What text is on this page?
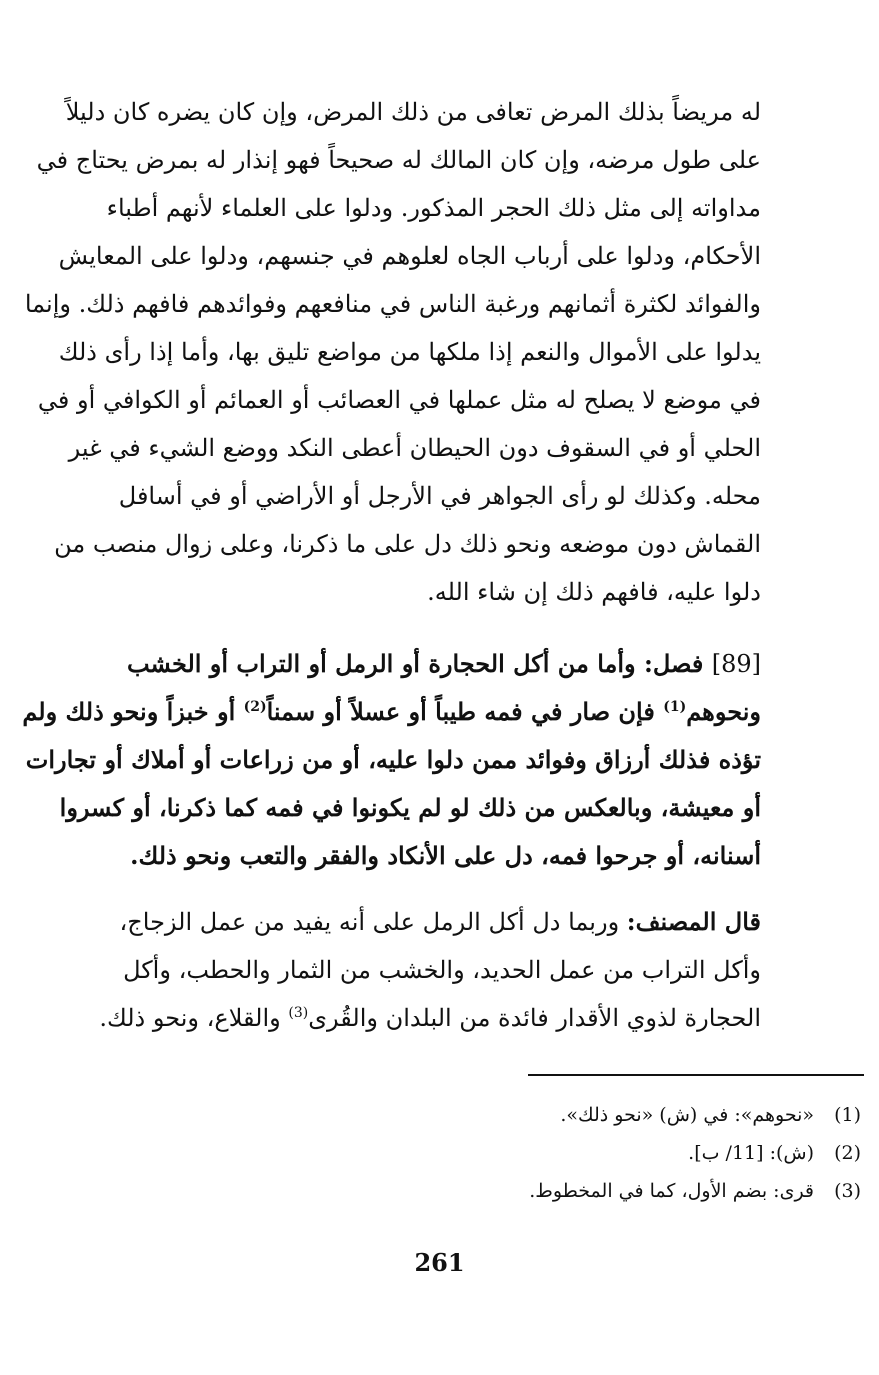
له مريضاً بذلك المرض تعافى من ذلك المرض، وإن كان يضره كان دليلاً
على طول مرضه، وإن كان المالك له صحيحاً فهو إنذار له بمرض يحتاج في
مداواته إلى مثل ذلك الحجر المذكور. ودلوا على العلماء لأنهم أطباء
الأحكام، ودلوا على أرباب الجاه لعلوهم في جنسهم، ودلوا على المعايش
والفوائد لكثرة أثمانهم ورغبة الناس في منافعهم وفوائدهم فافهم ذلك. وإنما
يدلوا على الأموال والنعم إذا ملكها من مواضع تليق بها، وأما إذا رأى ذلك
في موضع لا يصلح له مثل عملها في العصائب أو العمائم أو الكوافي أو في
الحلي أو في السقوف دون الحيطان أعطى النكد ووضع الشيء في غير
محله. وكذلك لو رأى الجواهر في الأرجل أو الأراضي أو في أسافل
القماش دون موضعه ونحو ذلك دل على ما ذكرنا، وعلى زوال منصب من
دلوا عليه، فافهم ذلك إن شاء الله.
[89] فصل: وأما من أكل الحجارة أو الرمل أو التراب أو الخشب
ونحوهم$^{(1)}$ فإن صار في فمه طيباً أو عسلاً أو سمناً$^{(2)}$ أو خبزاً ونحو ذلك ولم
تؤذه فذلك أرزاق وفوائد ممن دلوا عليه، أو من زراعات أو أملاك أو تجارات
أو معيشة، وبالعكس من ذلك لو لم يكونوا في فمه كما ذكرنا، أو كسروا
أسنانه، أو جرحوا فمه، دل على الأنكاد والفقر والتعب ونحو ذلك.
قال المصنف: وربما دل أكل الرمل على أنه يفيد من عمل الزجاج،
وأكل التراب من عمل الحديد، والخشب من الثمار والحطب، وأكل
الحجارة لذوي الأقدار فائدة من البلدان والقُرى$^{(3)}$ والقلاع، ونحو ذلك.
(1) «نحوهم»: في (ش) «نحو ذلك».
(2) (ش): [11/ ب].
(3) قرى: بضم الأول، كما في المخطوط.
261
